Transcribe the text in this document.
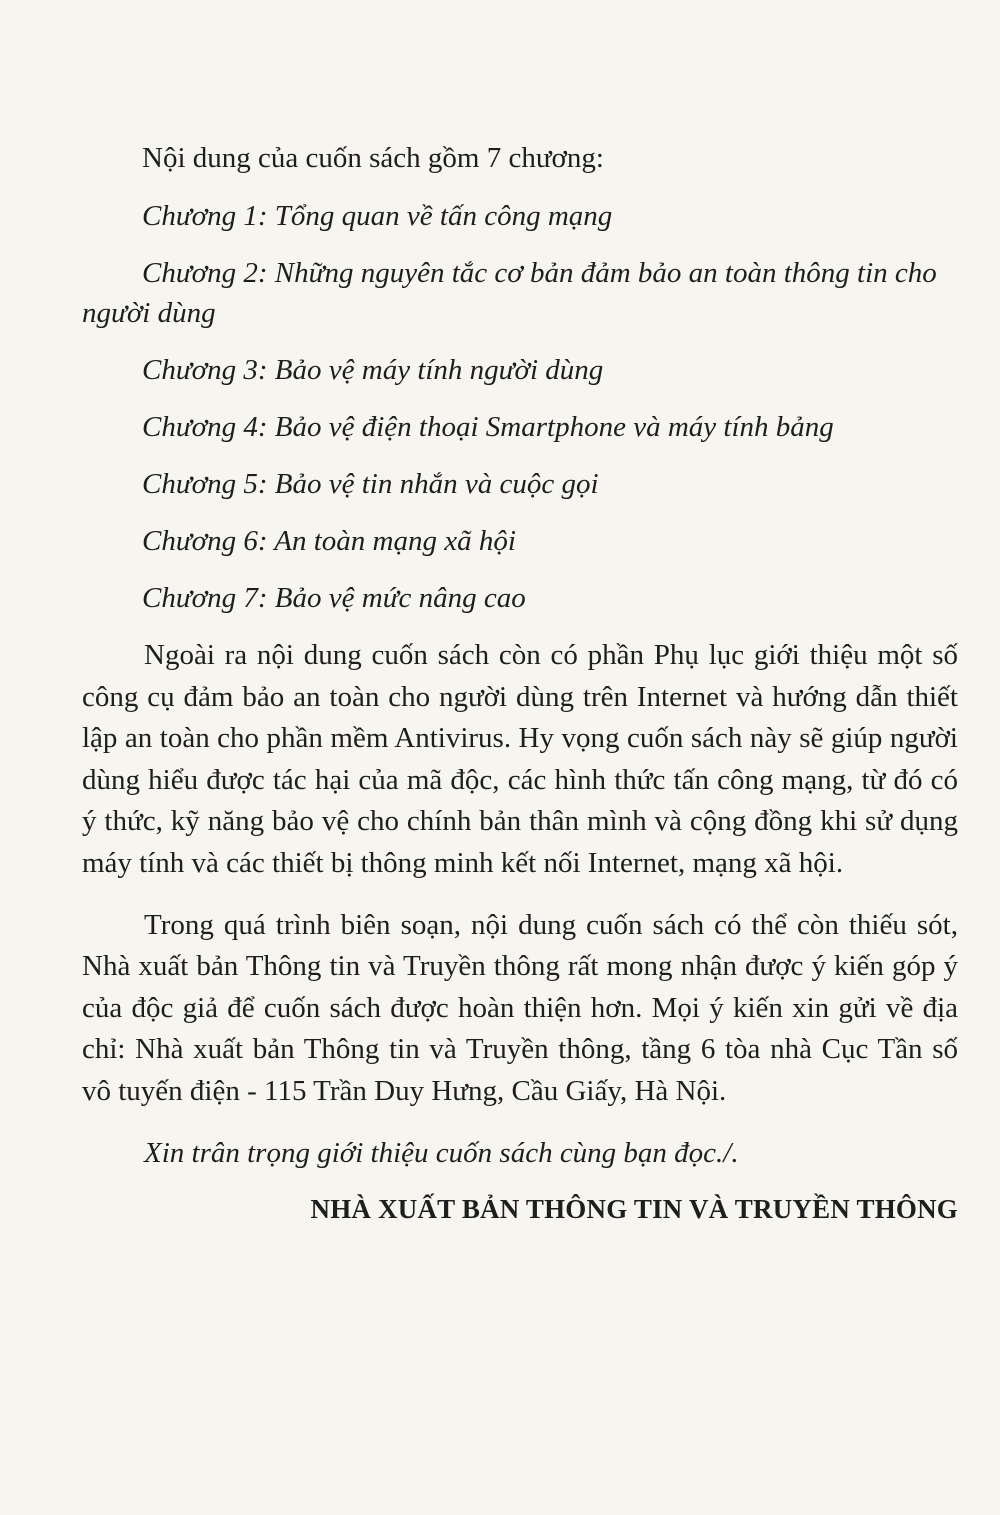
Nội dung của cuốn sách gồm 7 chương:

Chương 1: Tổng quan về tấn công mạng

Chương 2: Những nguyên tắc cơ bản đảm bảo an toàn thông tin cho người dùng

Chương 3: Bảo vệ máy tính người dùng

Chương 4: Bảo vệ điện thoại Smartphone và máy tính bảng

Chương 5: Bảo vệ tin nhắn và cuộc gọi

Chương 6: An toàn mạng xã hội

Chương 7: Bảo vệ mức nâng cao

Ngoài ra nội dung cuốn sách còn có phần Phụ lục giới thiệu một số công cụ đảm bảo an toàn cho người dùng trên Internet và hướng dẫn thiết lập an toàn cho phần mềm Antivirus. Hy vọng cuốn sách này sẽ giúp người dùng hiểu được tác hại của mã độc, các hình thức tấn công mạng, từ đó có ý thức, kỹ năng bảo vệ cho chính bản thân mình và cộng đồng khi sử dụng máy tính và các thiết bị thông minh kết nối Internet, mạng xã hội.

Trong quá trình biên soạn, nội dung cuốn sách có thể còn thiếu sót, Nhà xuất bản Thông tin và Truyền thông rất mong nhận được ý kiến góp ý của độc giả để cuốn sách được hoàn thiện hơn. Mọi ý kiến xin gửi về địa chỉ: Nhà xuất bản Thông tin và Truyền thông, tầng 6 tòa nhà Cục Tần số vô tuyến điện - 115 Trần Duy Hưng, Cầu Giấy, Hà Nội.

Xin trân trọng giới thiệu cuốn sách cùng bạn đọc./.

NHÀ XUẤT BẢN THÔNG TIN VÀ TRUYỀN THÔNG
